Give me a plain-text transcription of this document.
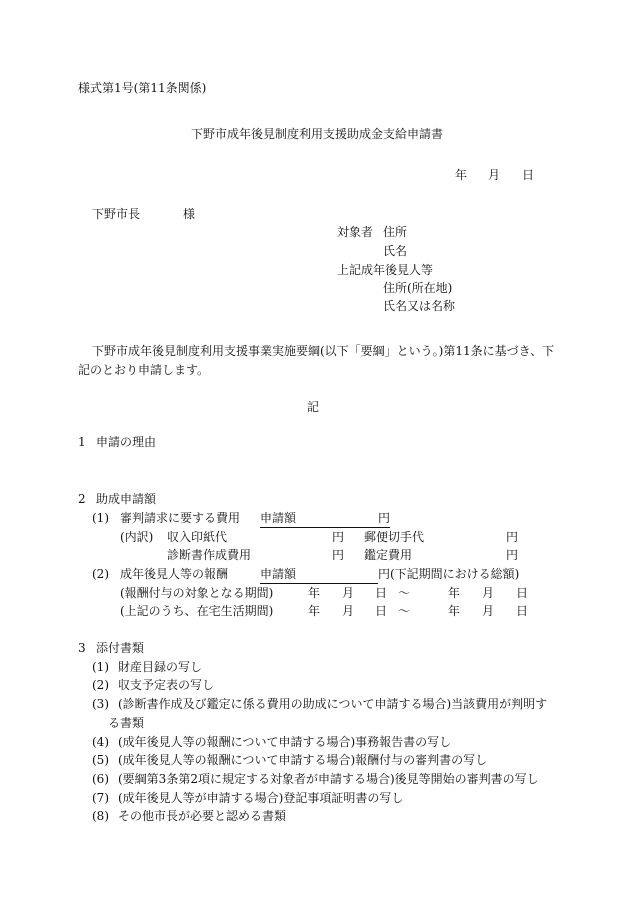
様式第1号(第11条関係)
下野市成年後見制度利用支援助成金支給申請書
年 月 日
下野市長	様
対象者 住所
氏名
上記成年後見人等
住所(所在地)
氏名又は名称
下野市成年後見制度利用支援事業実施要綱(以下「要綱」という。)第11条に基づき、下
記のとおり申請します。
記
1 申請の理由
2 助成申請額
(1) 審判請求に要する費用 申請額	円
(内訳) 収入印紙代	円 郵便切手代	円
診断書作成費用	円 鑑定費用	円
(2) 成年後見人等の報酬	申請額	円(下記期間における総額)
(報酬付与の対象となる期間)	年 月 日 〜	年 月 日
(上記のうち、在宅生活期間)	年 月 日 〜	年 月 日
3 添付書類
(1) 財産目録の写し
(2) 収支予定表の写し
(3) (診断書作成及び鑑定に係る費用の助成について申請する場合)当該費用が判明す
る書類
(4) (成年後見人等の報酬について申請する場合)事務報告書の写し
(5) (成年後見人等の報酬について申請する場合)報酬付与の審判書の写し
(6) (要綱第3条第2項に規定する対象者が申請する場合)後見等開始の審判書の写し
(7) (成年後見人等が申請する場合)登記事項証明書の写し
(8) その他市長が必要と認める書類
